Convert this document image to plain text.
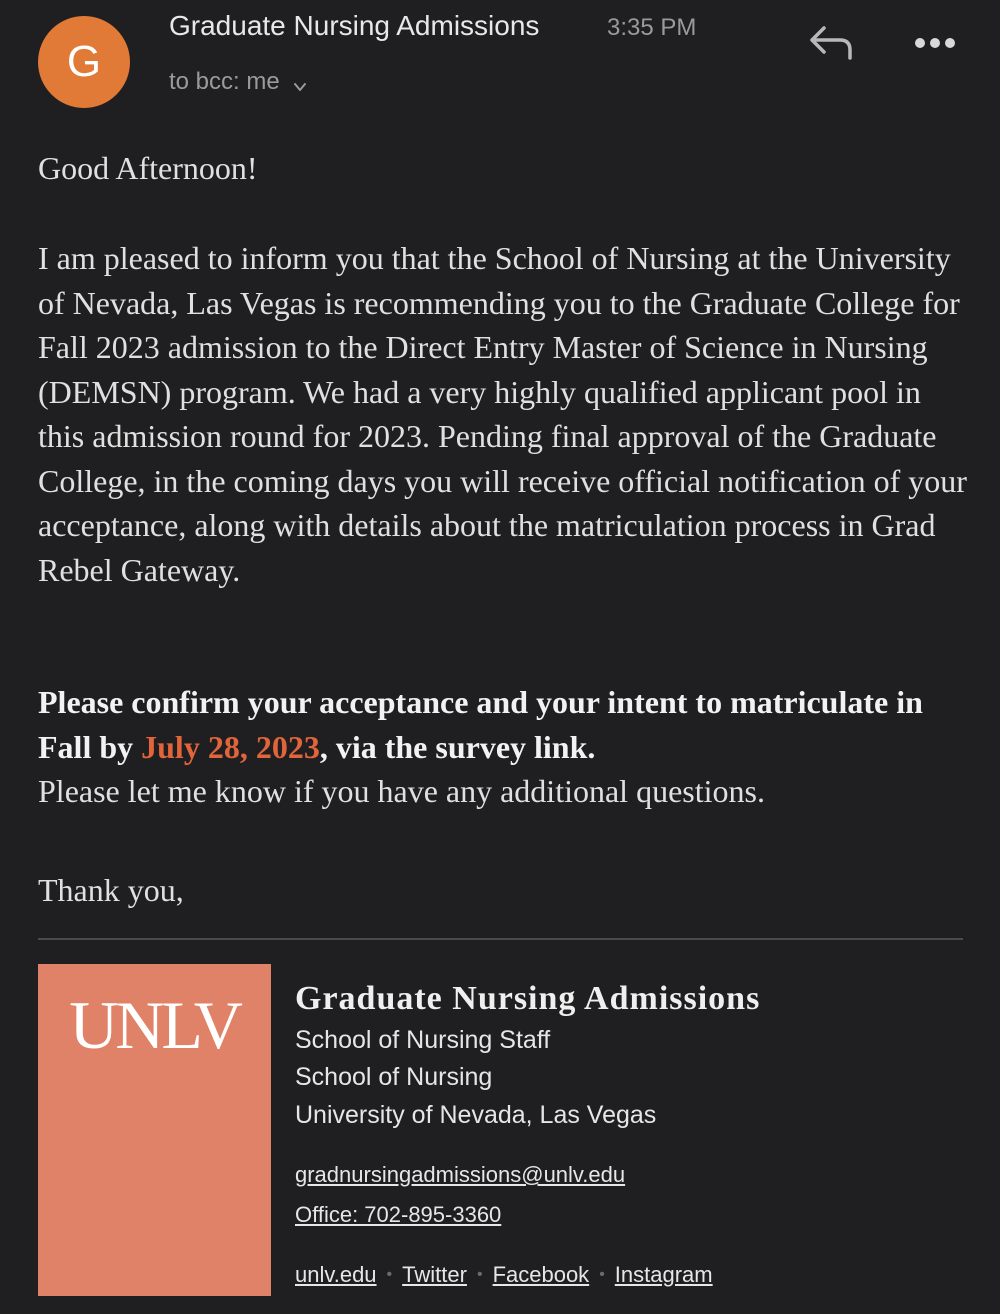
G
Graduate Nursing Admissions	3:35 PM
to bcc: me

Good Afternoon!

I am pleased to inform you that the School of Nursing at the University of Nevada, Las Vegas is recommending you to the Graduate College for Fall 2023 admission to the Direct Entry Master of Science in Nursing (DEMSN) program. We had a very highly qualified applicant pool in this admission round for 2023. Pending final approval of the Graduate College, in the coming days you will receive official notification of your acceptance, along with details about the matriculation process in Grad Rebel Gateway.

Please confirm your acceptance and your intent to matriculate in Fall by July 28, 2023, via the survey link.
Please let me know if you have any additional questions.

Thank you,

UNLV	Graduate Nursing Admissions
School of Nursing Staff
School of Nursing
University of Nevada, Las Vegas
gradnursingadmissions@unlv.edu
Office: 702-895-3360
unlv.edu • Twitter • Facebook • Instagram
